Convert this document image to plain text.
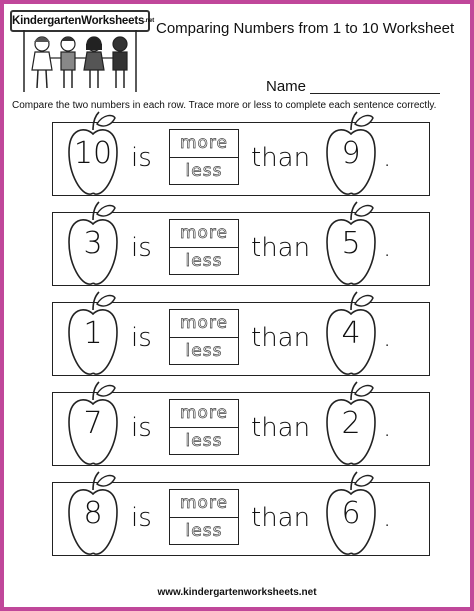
KindergartenWorksheets.net Comparing Numbers from 1 to 10 Worksheet
Name
Compare the two numbers in each row. Trace more or less to complete each sentence correctly.
10 is	more
less	than	9 .
3	is	more
less	than	5 .
1	is	more
less	than	4 .
7	is	more
less	than	2 .
8	is	more
less	than	6 .
www.kindergartenworksheets.net
